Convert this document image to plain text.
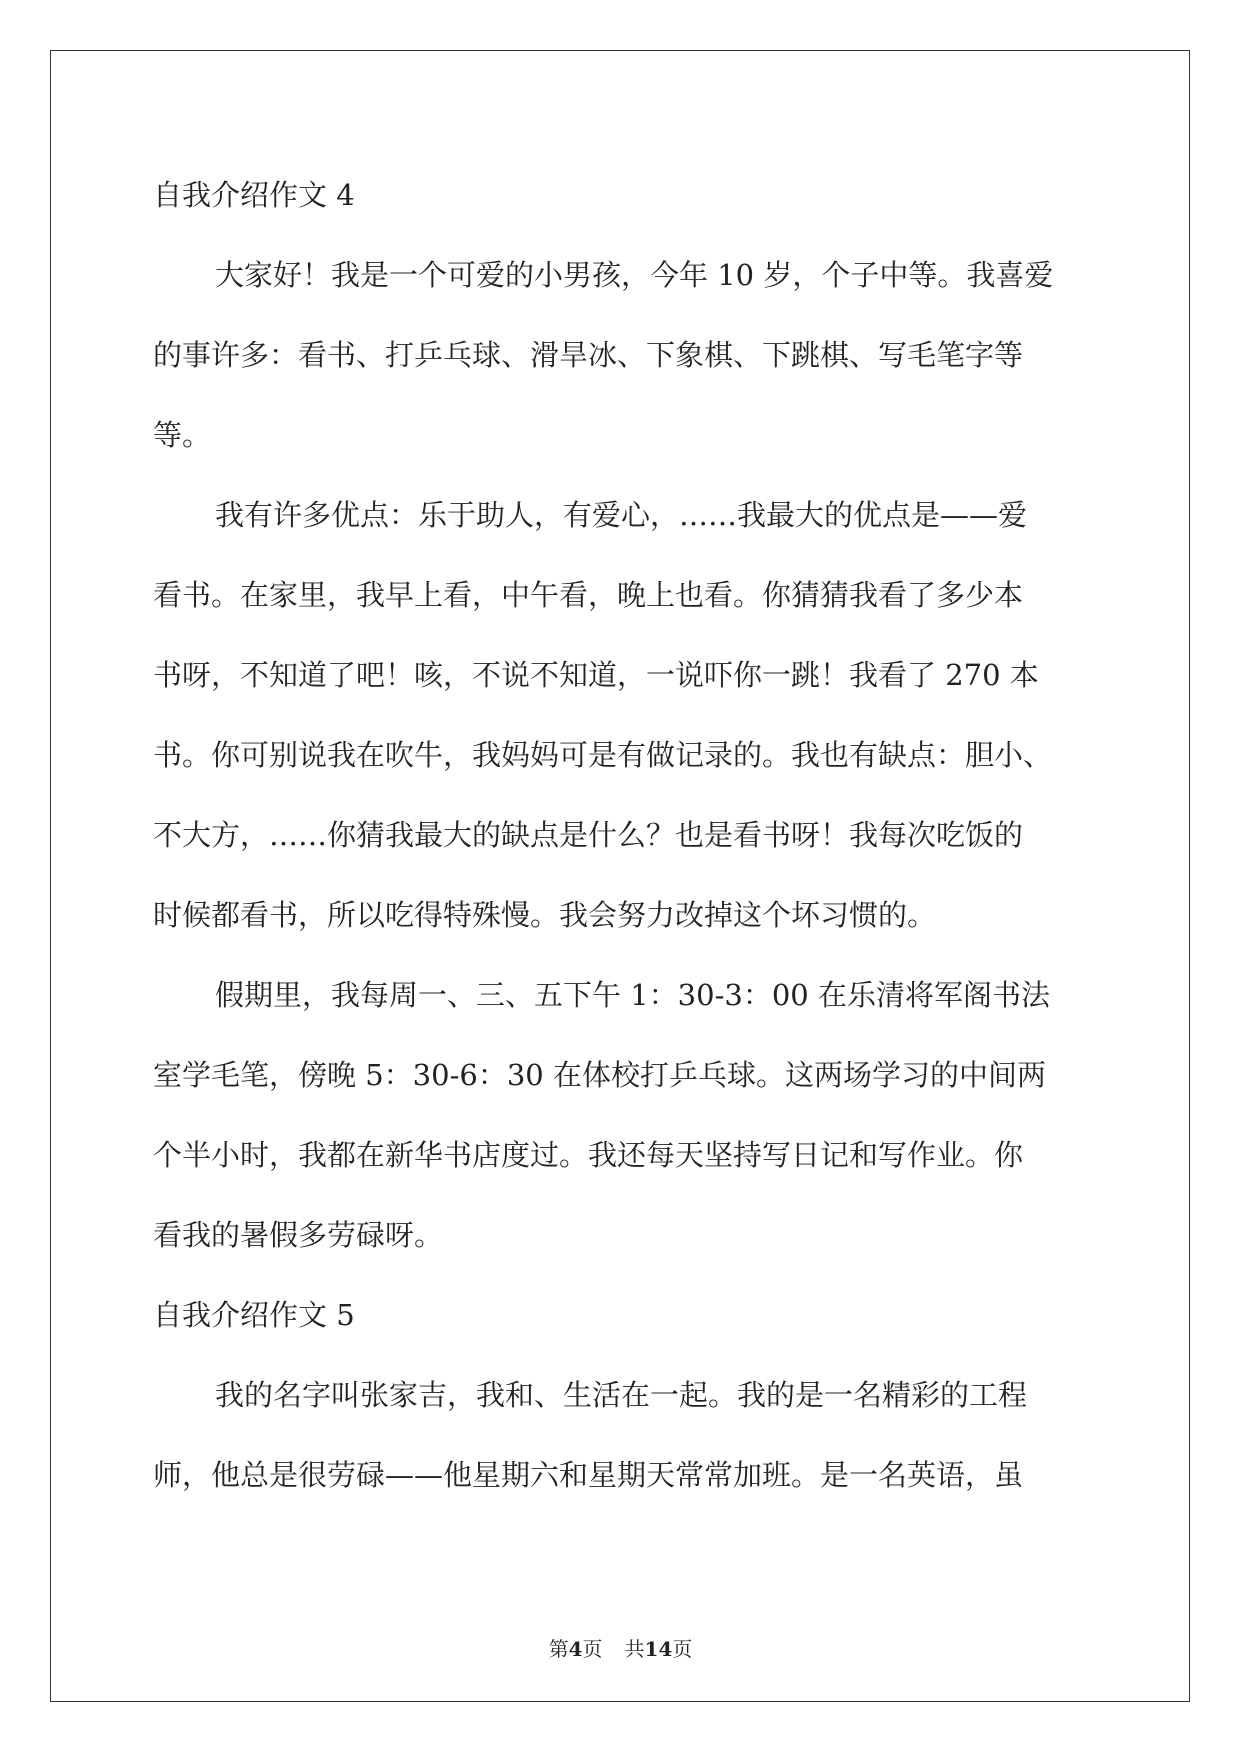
自我介绍作文 4

大家好！我是一个可爱的小男孩，今年 10 岁，个子中等。我喜爱

的事许多：看书、打乒乓球、滑旱冰、下象棋、下跳棋、写毛笔字等

等。

我有许多优点：乐于助人，有爱心，……我最大的优点是——爱

看书。在家里，我早上看，中午看，晚上也看。你猜猜我看了多少本

书呀，不知道了吧！咳，不说不知道，一说吓你一跳！我看了 270 本

书。你可别说我在吹牛，我妈妈可是有做记录的。我也有缺点：胆小、

不大方，……你猜我最大的缺点是什么？也是看书呀！我每次吃饭的

时候都看书，所以吃得特殊慢。我会努力改掉这个坏习惯的。

假期里，我每周一、三、五下午 1：30-3：00 在乐清将军阁书法

室学毛笔，傍晚 5：30-6：30 在体校打乒乓球。这两场学习的中间两

个半小时，我都在新华书店度过。我还每天坚持写日记和写作业。你

看我的暑假多劳碌呀。

自我介绍作文 5

我的名字叫张家吉，我和、生活在一起。我的是一名精彩的工程

师，他总是很劳碌——他星期六和星期天常常加班。是一名英语，虽

第4页 共14页
